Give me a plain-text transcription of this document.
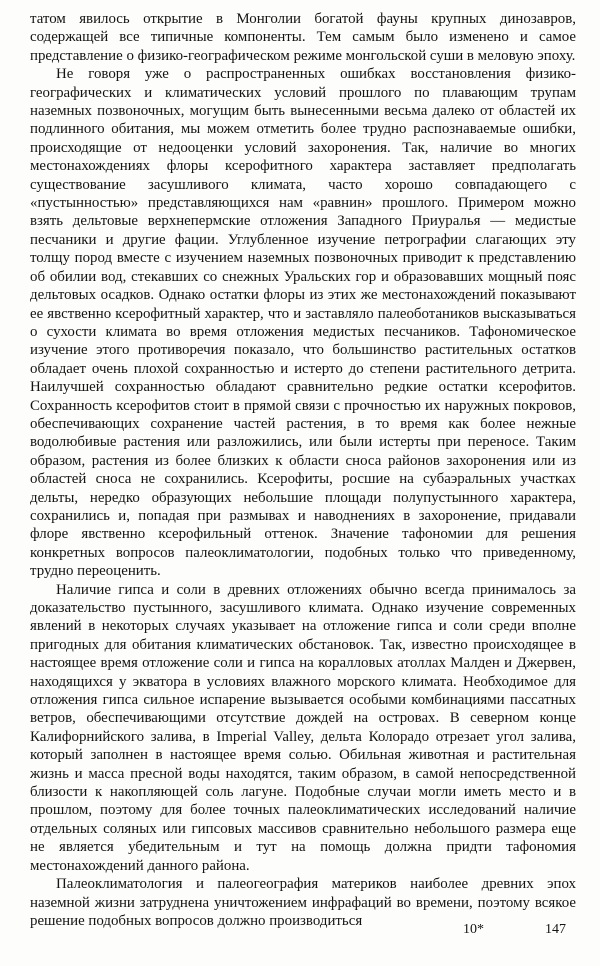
татом явилось открытие в Монголии богатой фауны крупных динозавров, содержащей все типичные компоненты. Тем самым было изменено и самое представление о физико-географическом режиме монгольской суши в меловую эпоху.

Не говоря уже о распространенных ошибках восстановления физико-географических и климатических условий прошлого по плавающим трупам наземных позвоночных, могущим быть вынесенными весьма далеко от областей их подлинного обитания, мы можем отметить более трудно распознаваемые ошибки, происходящие от недооценки условий захоронения. Так, наличие во многих местонахождениях флоры ксерофитного характера заставляет предполагать существование засушливого климата, часто хорошо совпадающего с «пустынностью» представляющихся нам «равнин» прошлого. Примером можно взять дельтовые верхнепермские отложения Западного Приуралья — медистые песчаники и другие фации. Углубленное изучение петрографии слагающих эту толщу пород вместе с изучением наземных позвоночных приводит к представлению об обилии вод, стекавших со снежных Уральских гор и образовавших мощный пояс дельтовых осадков. Однако остатки флоры из этих же местонахождений показывают ее явственно ксерофитный характер, что и заставляло палеоботаников высказываться о сухости климата во время отложения медистых песчаников. Тафономическое изучение этого противоречия показало, что большинство растительных остатков обладает очень плохой сохранностью и истерто до степени растительного детрита. Наилучшей сохранностью обладают сравнительно редкие остатки ксерофитов. Сохранность ксерофитов стоит в прямой связи с прочностью их наружных покровов, обеспечивающих сохранение частей растения, в то время как более нежные водолюбивые растения или разложились, или были истерты при переносе. Таким образом, растения из более близких к области сноса районов захоронения или из областей сноса не сохранились. Ксерофиты, росшие на субаэральных участках дельты, нередко образующих небольшие площади полупустынного характера, сохранились и, попадая при размывах и наводнениях в захоронение, придавали флоре явственно ксерофильный оттенок. Значение тафономии для решения конкретных вопросов палеоклиматологии, подобных только что приведенному, трудно переоценить.

Наличие гипса и соли в древних отложениях обычно всегда принималось за доказательство пустынного, засушливого климата. Однако изучение современных явлений в некоторых случаях указывает на отложение гипса и соли среди вполне пригодных для обитания климатических обстановок. Так, известно происходящее в настоящее время отложение соли и гипса на коралловых атоллах Малден и Джервен, находящихся у экватора в условиях влажного морского климата. Необходимое для отложения гипса сильное испарение вызывается особыми комбинациями пассатных ветров, обеспечивающими отсутствие дождей на островах. В северном конце Калифорнийского залива, в Imperial Valley, дельта Колорадо отрезает угол залива, который заполнен в настоящее время солью. Обильная животная и растительная жизнь и масса пресной воды находятся, таким образом, в самой непосредственной близости к накопляющей соль лагуне. Подобные случаи могли иметь место и в прошлом, поэтому для более точных палеоклиматических исследований наличие отдельных соляных или гипсовых массивов сравнительно небольшого размера еще не является убедительным и тут на помощь должна придти тафономия местонахождений данного района.

Палеоклиматология и палеогеография материков наиболее древних эпох наземной жизни затруднена уничтожением инфрафаций во времени, поэтому всякое решение подобных вопросов должно производиться

10*	147
